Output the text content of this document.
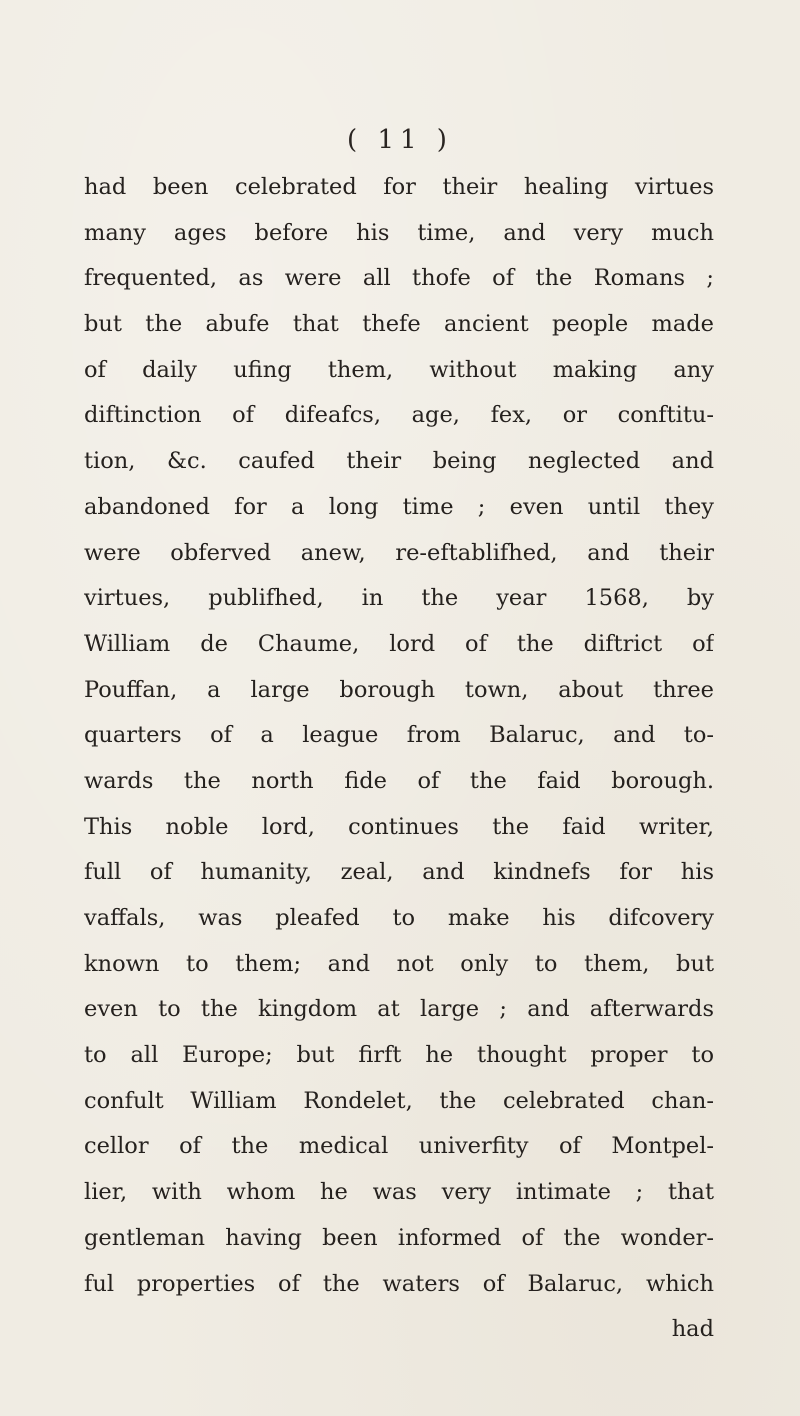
( 11 )
had been celebrated for their healing virtues
many ages before his time, and very much
frequented, as were all thofe of the Romans ;
but the abufe that thefe ancient people made
of daily ufing them, without making any
diftinction of difeafcs, age, fex, or conftitu-
tion, &c. caufed their being neglected and
abandoned for a long time ; even until they
were obferved anew, re-eftablifhed, and their
virtues, publifhed, in the year 1568, by
William de Chaume, lord of the diftrict of
Pouffan, a large borough town, about three
quarters of a league from Balaruc, and to-
wards the north fide of the faid borough.
This noble lord, continues the faid writer,
full of humanity, zeal, and kindnefs for his
vaffals, was pleafed to make his difcovery
known to them; and not only to them, but
even to the kingdom at large ; and afterwards
to all Europe; but firft he thought proper to
confult William Rondelet, the celebrated chan-
cellor of the medical univerfity of Montpel-
lier, with whom he was very intimate ; that
gentleman having been informed of the wonder-
ful properties of the waters of Balaruc, which
had
